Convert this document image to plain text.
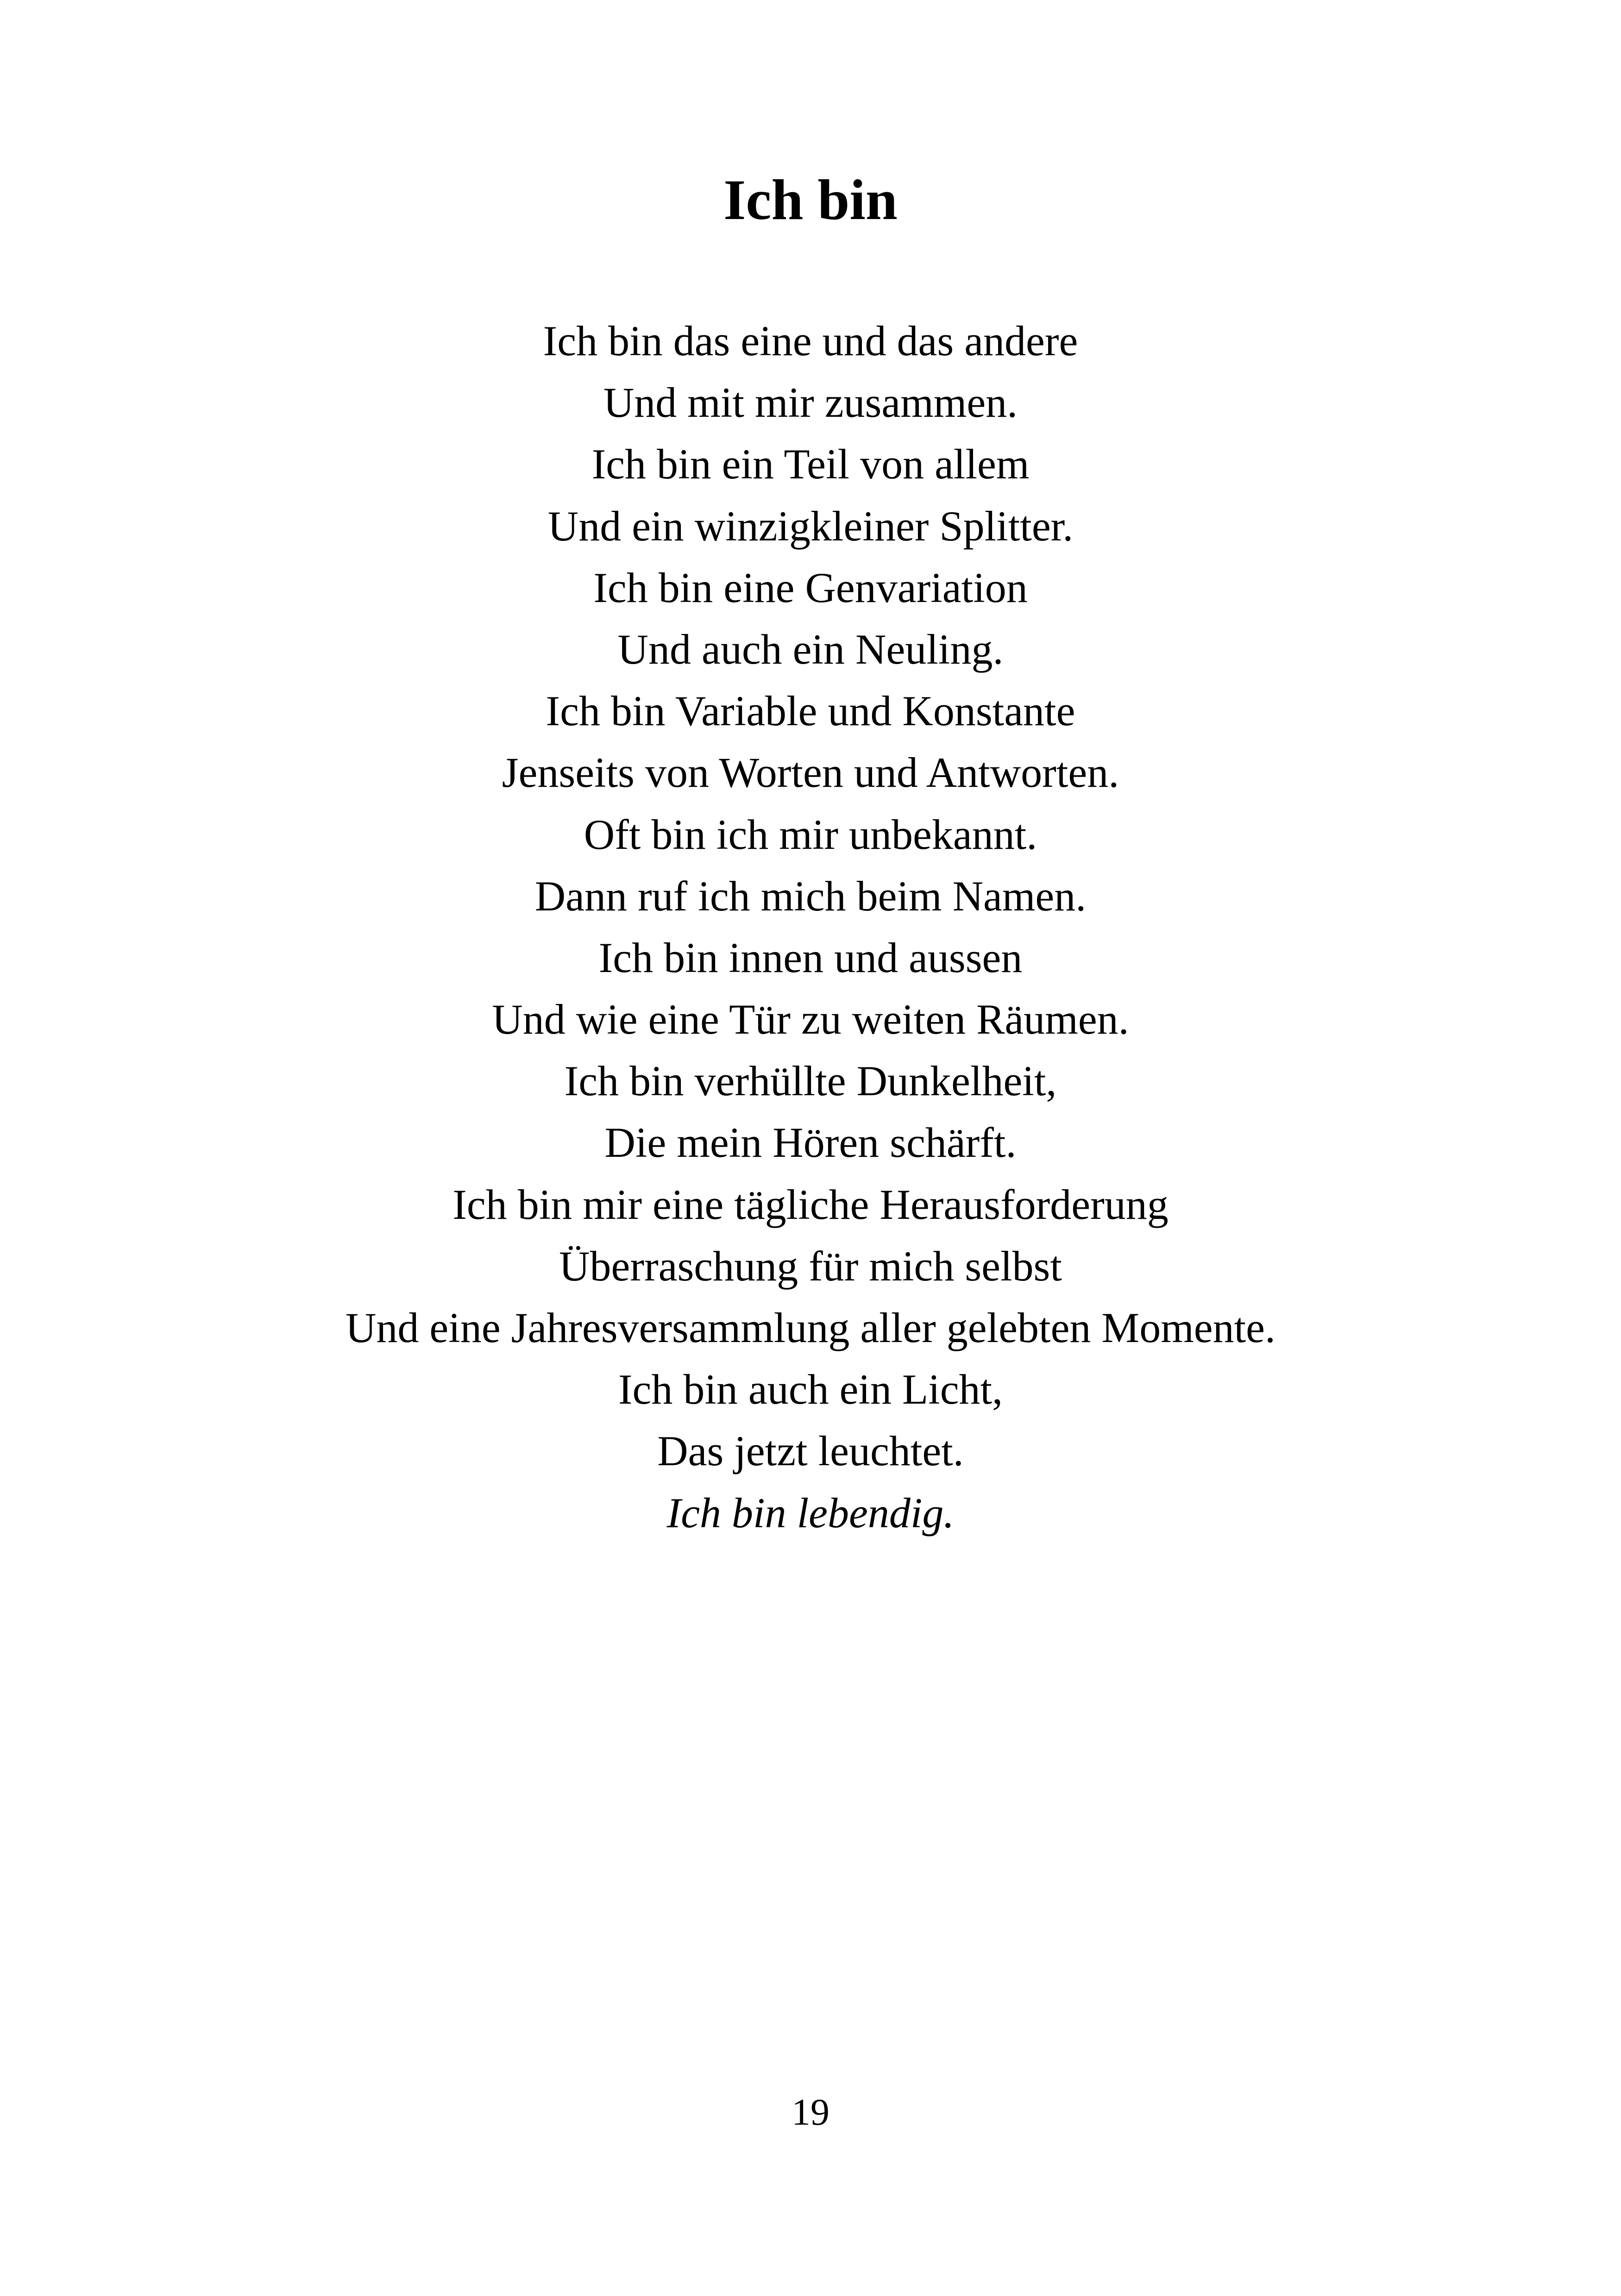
Ich bin
Ich bin das eine und das andere
Und mit mir zusammen.
Ich bin ein Teil von allem
Und ein winzigkleiner Splitter.
Ich bin eine Genvariation
Und auch ein Neuling.
Ich bin Variable und Konstante
Jenseits von Worten und Antworten.
Oft bin ich mir unbekannt.
Dann ruf ich mich beim Namen.
Ich bin innen und aussen
Und wie eine Tür zu weiten Räumen.
Ich bin verhüllte Dunkelheit,
Die mein Hören schärft.
Ich bin mir eine tägliche Herausforderung
Überraschung für mich selbst
Und eine Jahresversammlung aller gelebten Momente.
Ich bin auch ein Licht,
Das jetzt leuchtet.
Ich bin lebendig.
19
